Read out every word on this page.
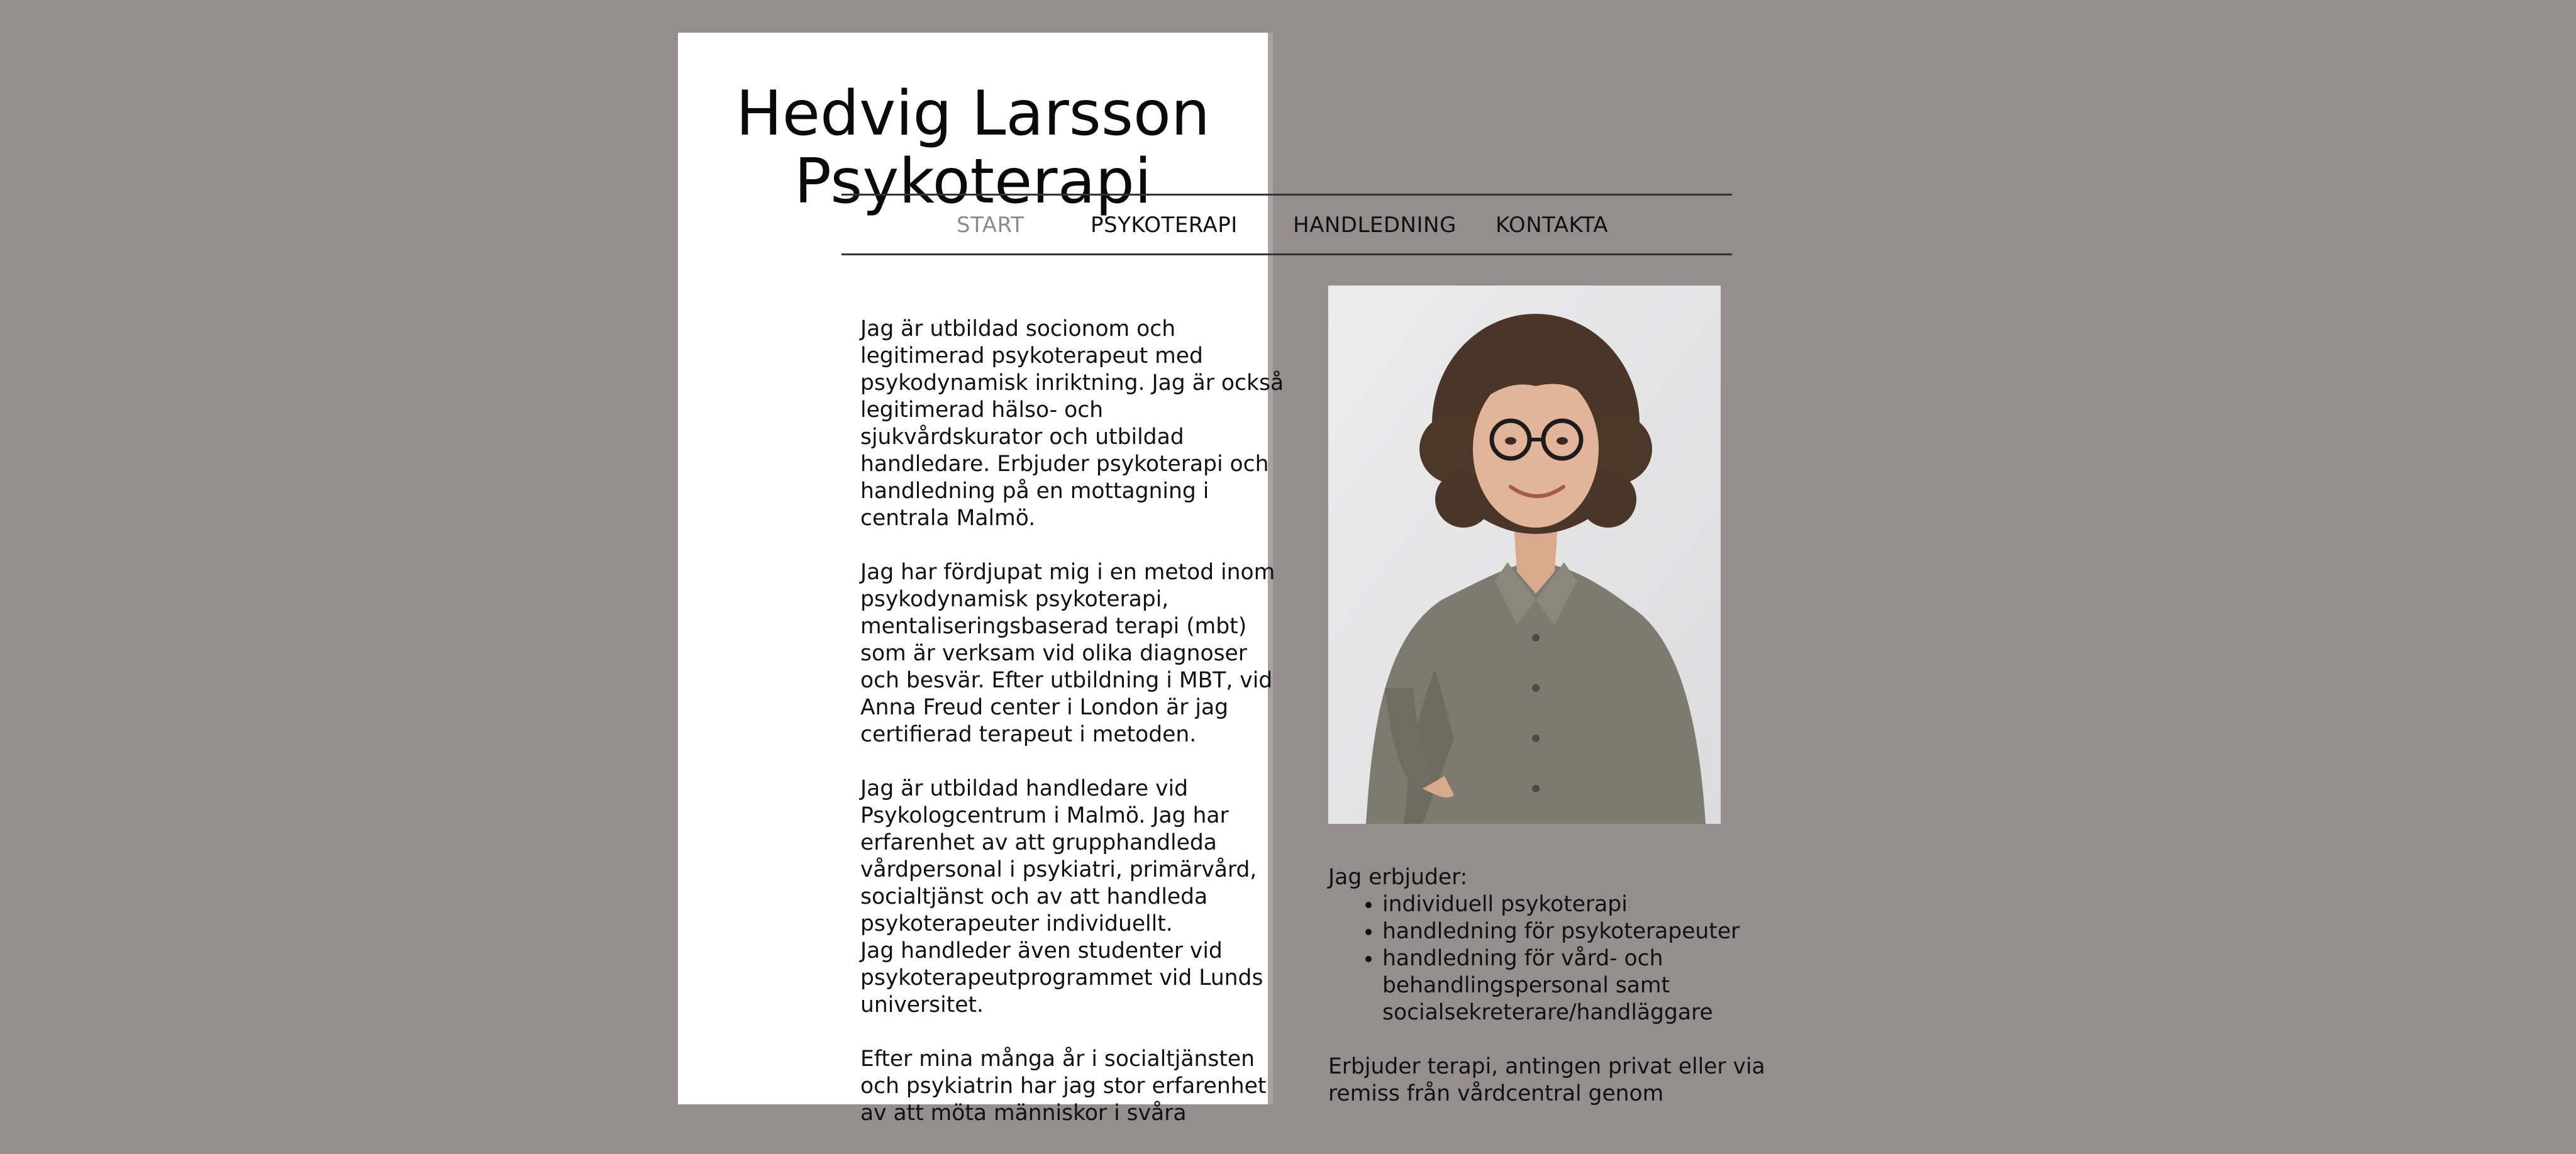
Hedvig Larsson Psykoterapi
START	PSYKOTERAPI	HANDLEDNING KONTAKTA

Jag är utbildad socionom och legitimerad psykoterapeut med psykodynamisk inriktning. Jag är också legitimerad hälso- och sjukvårdskurator och utbildad handledare. Erbjuder psykoterapi och handledning på en mottagning i centrala Malmö.

Jag har fördjupat mig i en metod inom psykodynamisk psykoterapi, mentaliseringsbaserad terapi (mbt) som är verksam vid olika diagnoser och besvär. Efter utbildning i MBT, vid Anna Freud center i London är jag certifierad terapeut i metoden.

Jag är utbildad handledare vid Psykologcentrum i Malmö. Jag har erfarenhet av att grupphandleda vårdpersonal i psykiatri, primärvård, socialtjänst och av att handleda psykoterapeuter individuellt.

Jag handleder även studenter vid psykoterapeutprogrammet vid Lunds universitet.

Efter mina många år i socialtjänsten och psykiatrin har jag stor erfarenhet av att möta människor i svåra

Jag erbjuder:

• individuell psykoterapi
• handledning för psykoterapeuter
• handledning för vård- och behandlingspersonal samt socialsekreterare/handläggare

Erbjuder terapi, antingen privat eller via remiss från vårdcentral genom
